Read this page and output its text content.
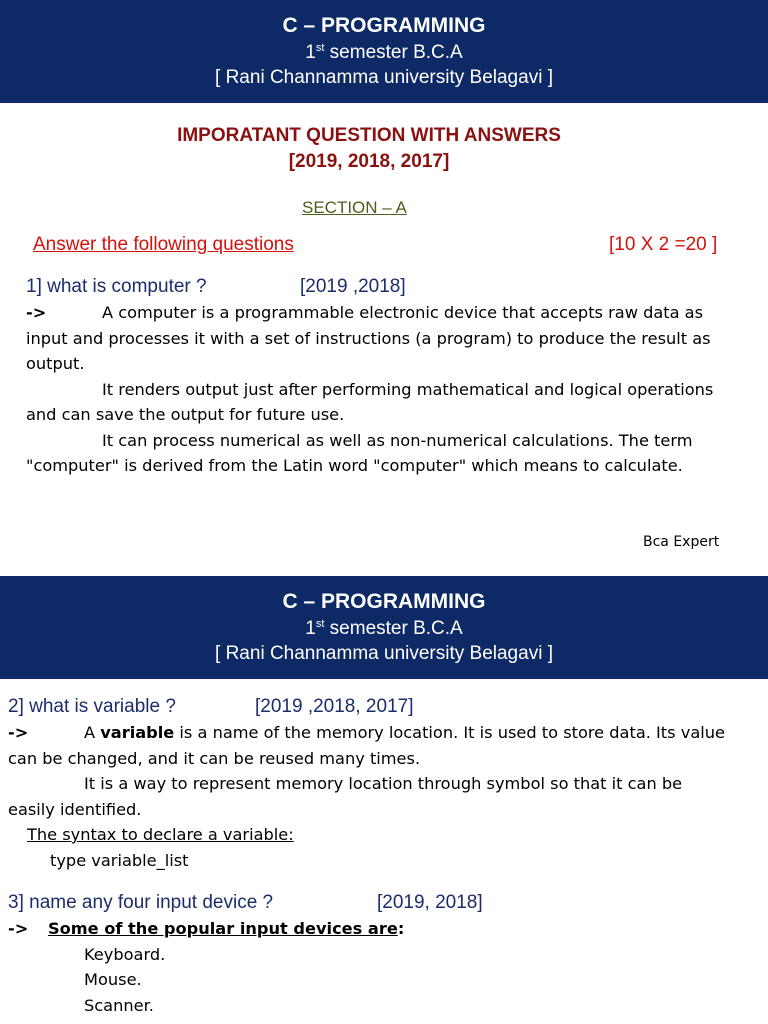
C – PROGRAMMING
1st semester B.C.A
[ Rani Channamma university Belagavi ]
IMPORATANT QUESTION WITH ANSWERS
[2019, 2018, 2017]
SECTION – A
Answer the following questions	[10 X 2 =20 ]
1] what is computer ?	[2019 ,2018]
->	A computer is a programmable electronic device that accepts raw data as
input and processes it with a set of instructions (a program) to produce the result as output.
It renders output just after performing mathematical and logical operations
and can save the output for future use.
It can process numerical as well as non-numerical calculations. The term
"computer" is derived from the Latin word "computer" which means to calculate.
Bca Expert
C – PROGRAMMING
1st semester B.C.A
[ Rani Channamma university Belagavi ]
2] what is variable ?	[2019 ,2018, 2017]
->	A variable is a name of the memory location. It is used to store data. Its value
can be changed, and it can be reused many times.
It is a way to represent memory location through symbol so that it can be
easily identified.
The syntax to declare a variable:
type variable_list
3] name any four input device ?	[2019, 2018]
-> Some of the popular input devices are:
Keyboard.
Mouse.
Scanner.
